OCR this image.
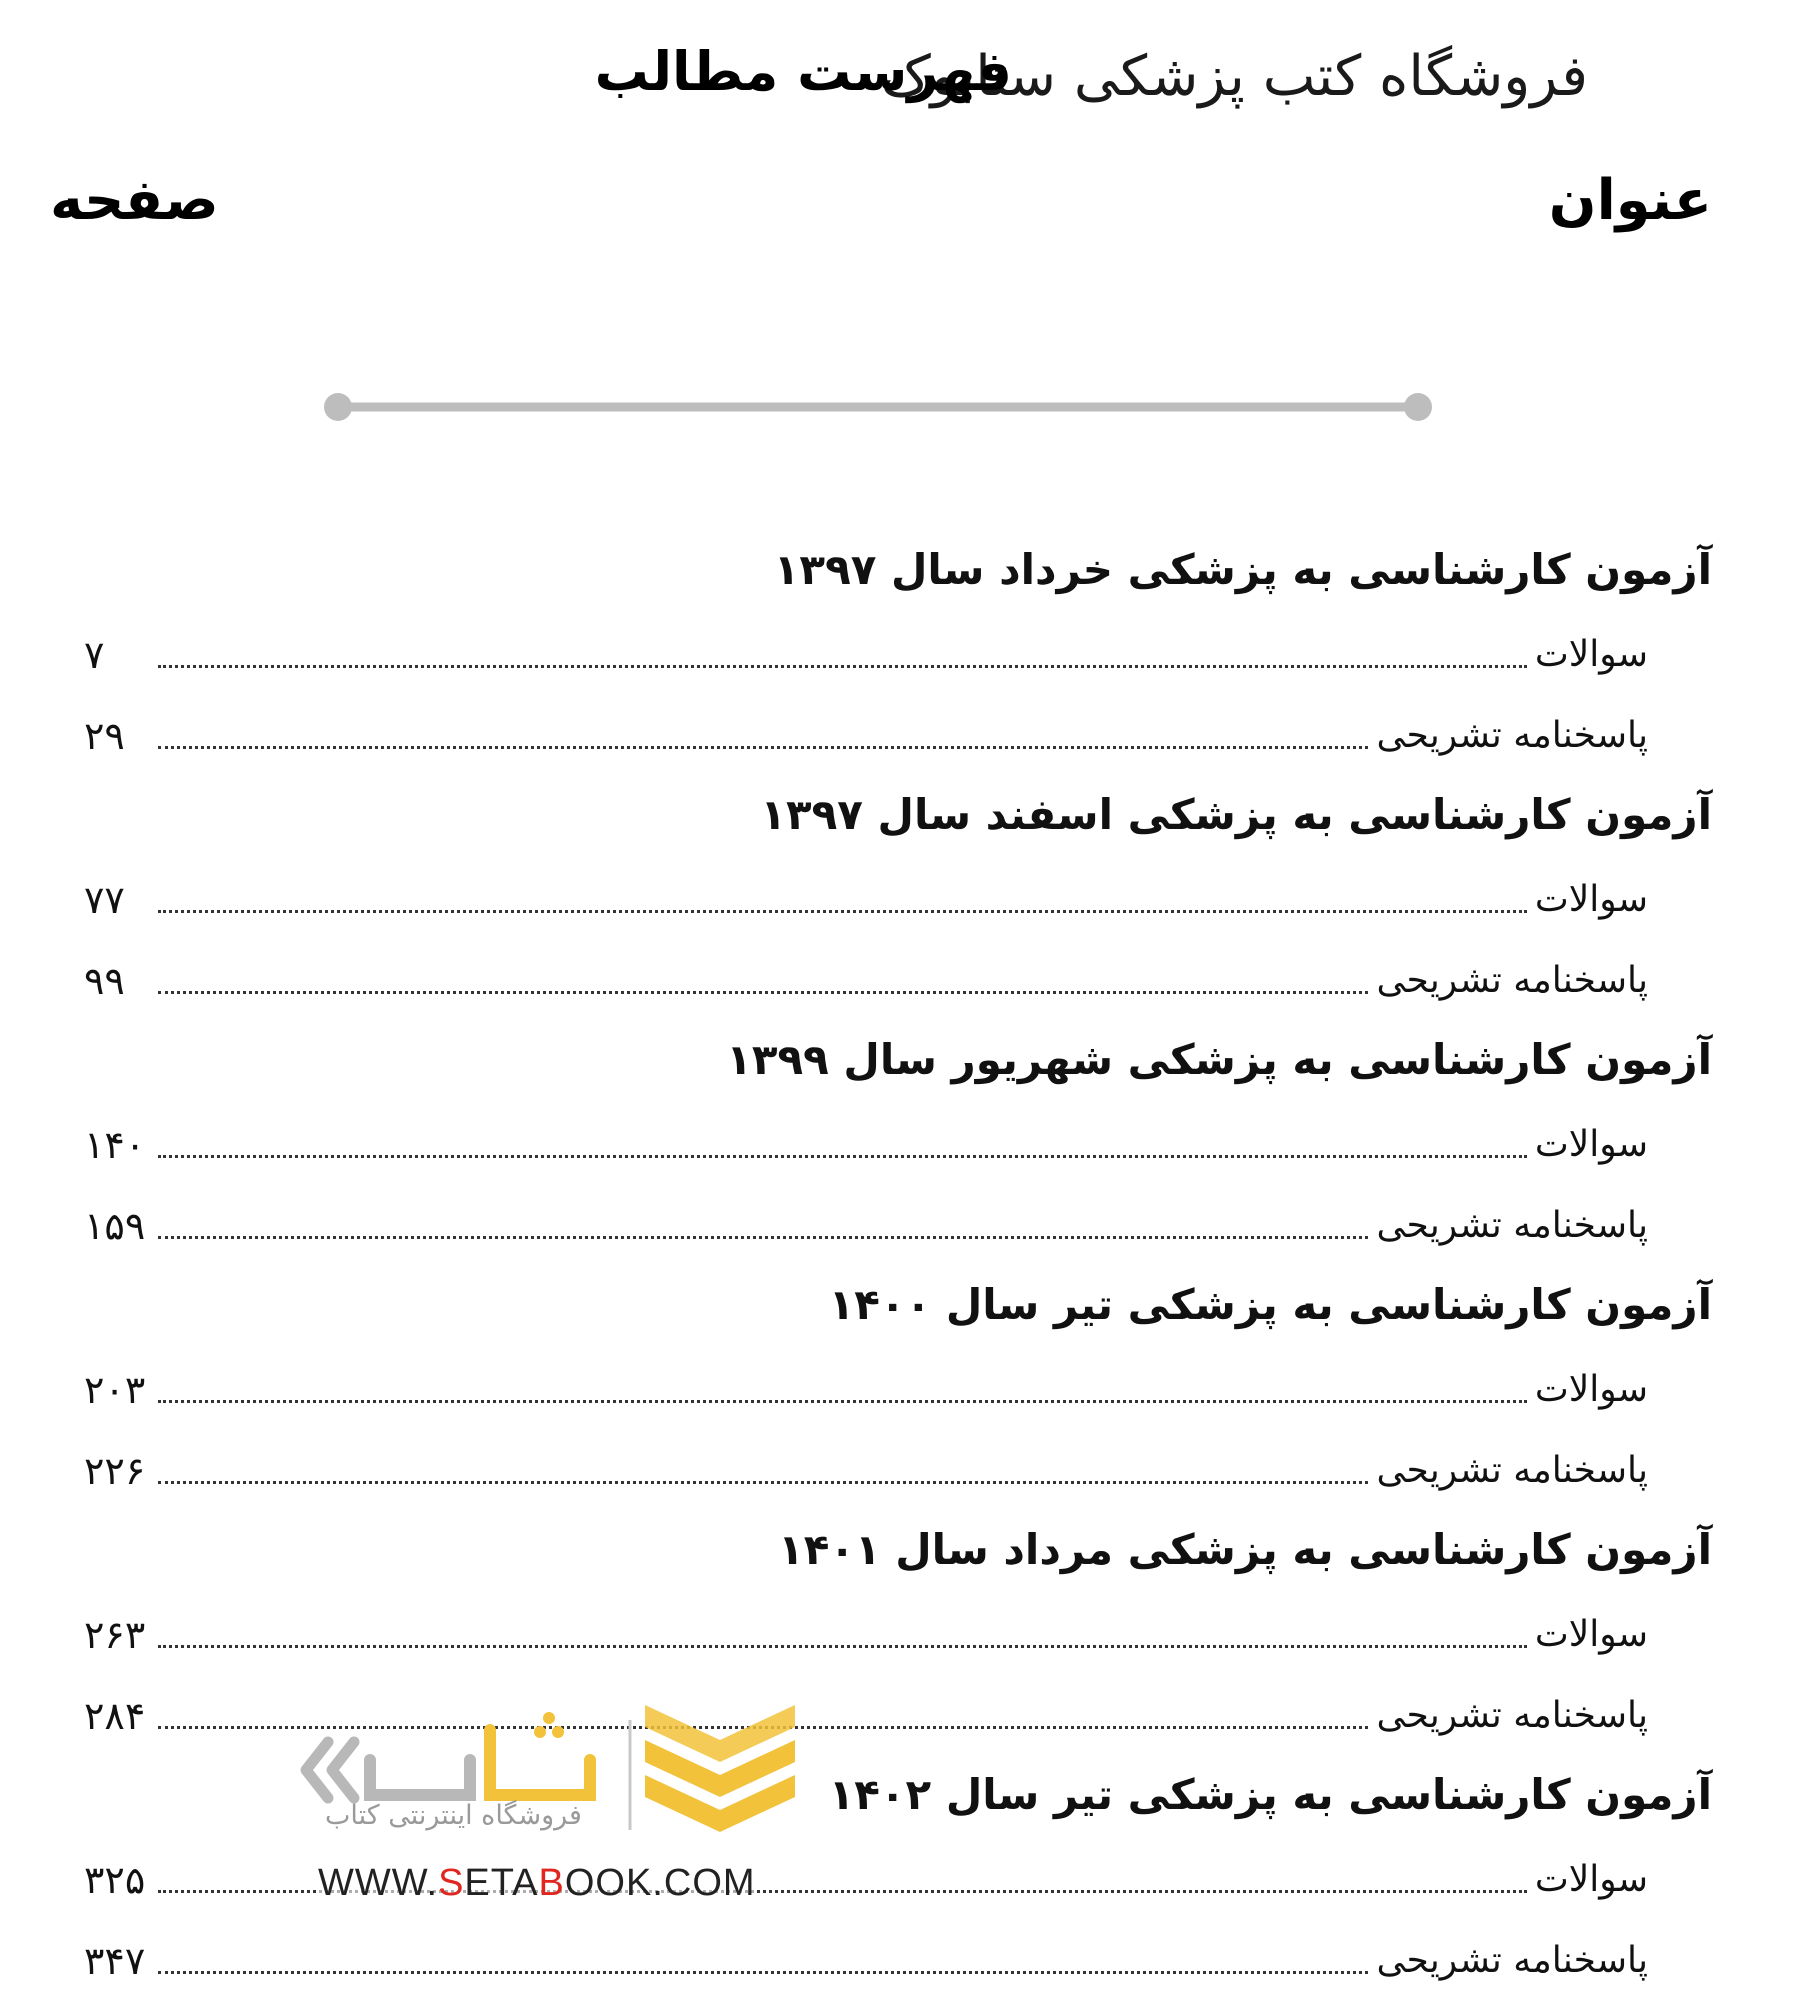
فروشگاه کتب پزشکی ستابوک
فهرست مطالب
عنوان
صفحه
آزمون کارشناسی به پزشکی خرداد سال ۱۳۹۷
سوالات
۷
پاسخنامه تشریحی
۲۹
آزمون کارشناسی به پزشکی اسفند سال ۱۳۹۷
سوالات
۷۷
پاسخنامه تشریحی
۹۹
آزمون کارشناسی به پزشکی شهریور سال ۱۳۹۹
سوالات
۱۴۰
پاسخنامه تشریحی
۱۵۹
آزمون کارشناسی به پزشکی تیر سال ۱۴۰۰
سوالات
۲۰۳
پاسخنامه تشریحی
۲۲۶
آزمون کارشناسی به پزشکی مرداد سال ۱۴۰۱
سوالات
۲۶۳
پاسخنامه تشریحی
۲۸۴
آزمون کارشناسی به پزشکی تیر سال ۱۴۰۲
سوالات
۳۲۵
پاسخنامه تشریحی
۳۴۷
فروشگاه اینترنتی کتاب
WWW.SETABOOK.COM
